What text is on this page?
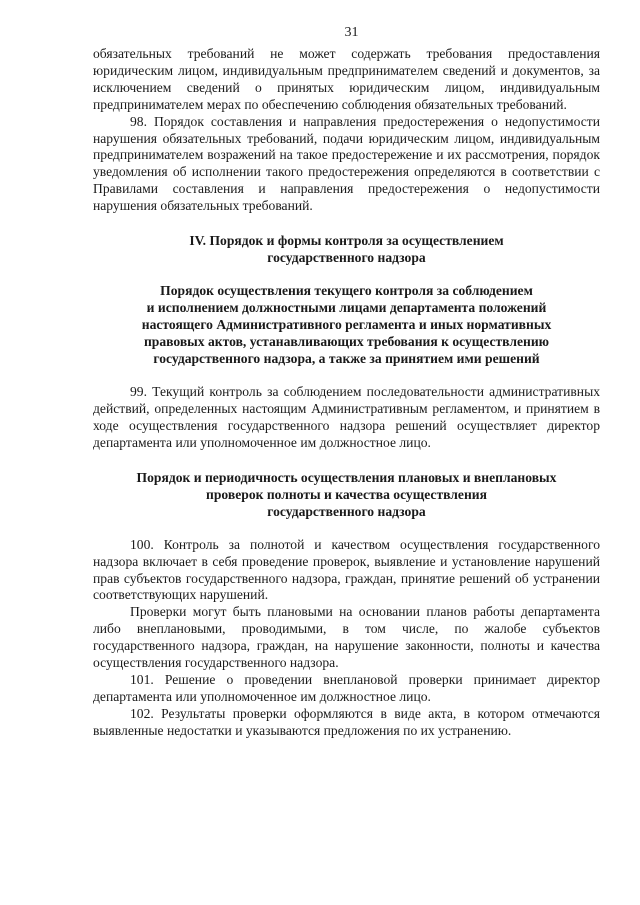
31

обязательных требований не может содержать требования предоставления юридическим лицом, индивидуальным предпринимателем сведений и документов, за исключением сведений о принятых юридическим лицом, индивидуальным предпринимателем мерах по обеспечению соблюдения обязательных требований.

98. Порядок составления и направления предостережения о недопустимости нарушения обязательных требований, подачи юридическим лицом, индивидуальным предпринимателем возражений на такое предостережение и их рассмотрения, порядок уведомления об исполнении такого предостережения определяются в соответствии с Правилами составления и направления предостережения о недопустимости нарушения обязательных требований.

IV. Порядок и формы контроля за осуществлением
государственного надзора
Порядок осуществления текущего контроля за соблюдением
и исполнением должностными лицами департамента положений
настоящего Административного регламента и иных нормативных
правовых актов, устанавливающих требования к осуществлению
государственного надзора, а также за принятием ими решений

99. Текущий контроль за соблюдением последовательности административных действий, определенных настоящим Административным регламентом, и принятием в ходе осуществления государственного надзора решений осуществляет директор департамента или уполномоченное им должностное лицо.

Порядок и периодичность осуществления плановых и внеплановых
проверок полноты и качества осуществления
государственного надзора

100. Контроль за полнотой и качеством осуществления государственного надзора включает в себя проведение проверок, выявление и установление нарушений прав субъектов государственного надзора, граждан, принятие решений об устранении соответствующих нарушений.

Проверки могут быть плановыми на основании планов работы департамента либо внеплановыми, проводимыми, в том числе, по жалобе субъектов государственного надзора, граждан, на нарушение законности, полноты и качества осуществления государственного надзора.

101. Решение о проведении внеплановой проверки принимает директор департамента или уполномоченное им должностное лицо.

102. Результаты проверки оформляются в виде акта, в котором отмечаются выявленные недостатки и указываются предложения по их устранению.
